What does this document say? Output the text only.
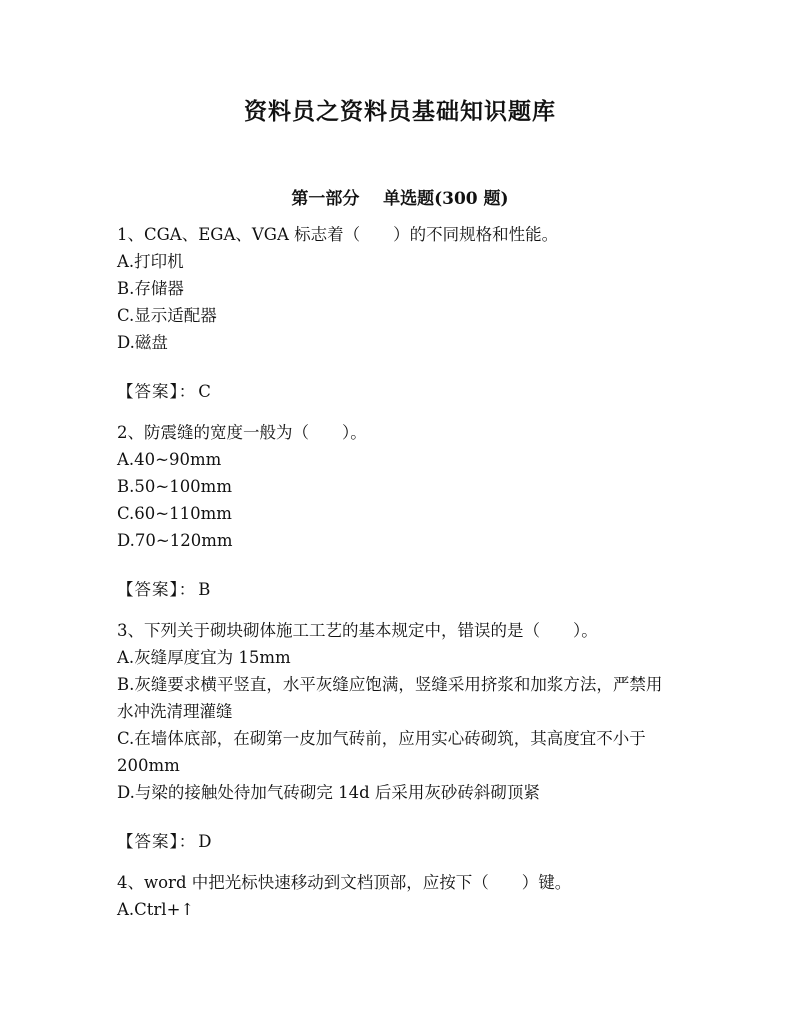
资料员之资料员基础知识题库
第一部分    单选题(300 题)

1、CGA、EGA、VGA 标志着（　　）的不同规格和性能。

A.打印机

B.存储器

C.显示适配器

D.磁盘

【答案】： C

2、防震缝的宽度一般为（　　）。

A.40~90mm

B.50~100mm

C.60~110mm

D.70~120mm

【答案】： B

3、下列关于砌块砌体施工工艺的基本规定中，错误的是（　　）。

A.灰缝厚度宜为 15mm

B.灰缝要求横平竖直，水平灰缝应饱满，竖缝采用挤浆和加浆方法，严禁用水冲洗清理灌缝

C.在墙体底部，在砌第一皮加气砖前，应用实心砖砌筑，其高度宜不小于 200mm

D.与梁的接触处待加气砖砌完 14d 后采用灰砂砖斜砌顶紧

【答案】： D

4、word 中把光标快速移动到文档顶部，应按下（　　）键。

A.Ctrl+↑
